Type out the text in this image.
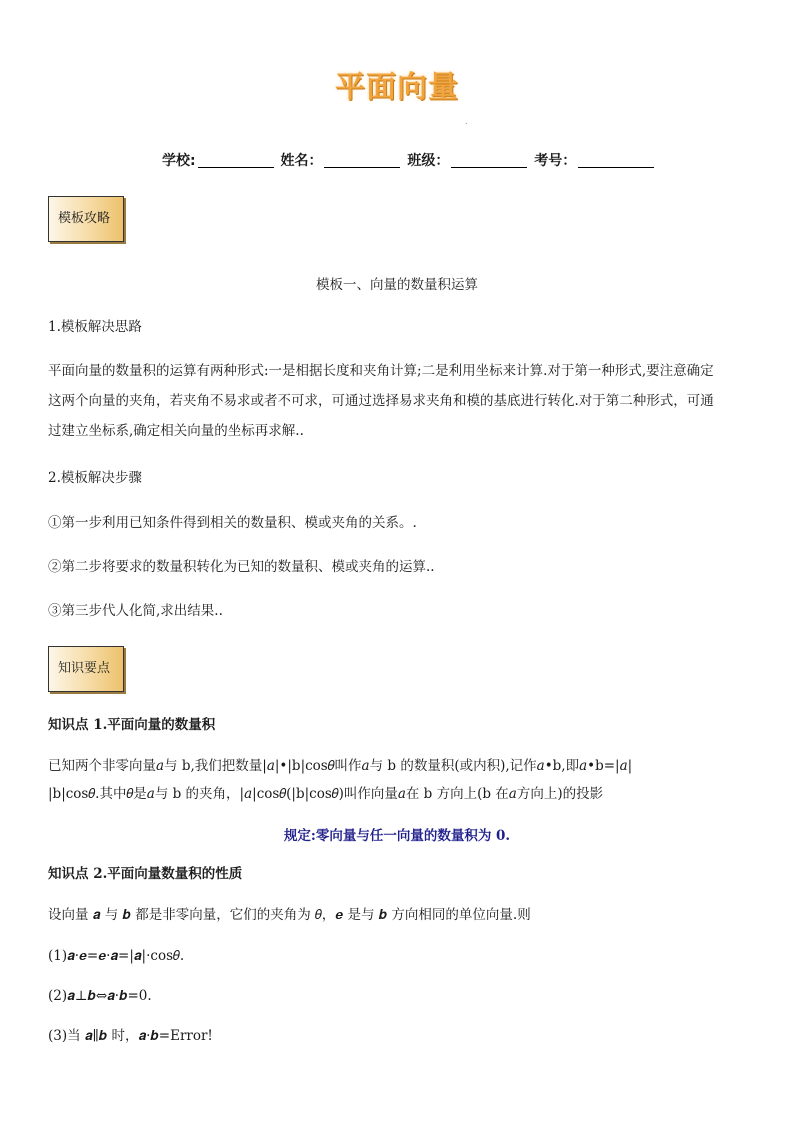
平面向量
.
学校:	姓名：	班级：	考号：
模板攻略
模板一、向量的数量积运算
1.模板解决思路
平面向量的数量积的运算有两种形式:一是相据长度和夹角计算;二是利用坐标来计算.对于第一种形式,要注意确定
这两个向量的夹角，若夹角不易求或者不可求，可通过选择易求夹角和模的基底进行转化.对于第二种形式，可通
过建立坐标系,确定相关向量的坐标再求解..
2.模板解决步骤
①第一步利用已知条件得到相关的数量积、模或夹角的关系。.
②第二步将要求的数量积转化为已知的数量积、模或夹角的运算..
③第三步代人化简,求出结果..
知识要点
知识点 1.平面向量的数量积
已知两个非零向量𝑎与 b,我们把数量|𝑎|•|b|cos𝜃叫作𝑎与 b 的数量积(或内积),记作𝑎•b,即𝑎•b=|𝑎|
|b|cos𝜃.其中𝜃是𝑎与 b 的夹角，|𝑎|cos𝜃(|b|cos𝜃)叫作向量𝑎在 b 方向上(b 在𝑎方向上)的投影
规定:零向量与任一向量的数量积为 0.
知识点 2.平面向量数量积的性质
设向量 𝒂 与 𝒃 都是非零向量，它们的夹角为 𝜃，𝒆 是与 𝒃 方向相同的单位向量.则
(1)𝒂·𝒆=𝒆·𝒂=|𝒂|·cos𝜃.
(2)𝒂⊥𝒃⇔𝒂·𝒃=0.
(3)当 𝒂∥𝒃 时，𝒂·𝒃=Error!
